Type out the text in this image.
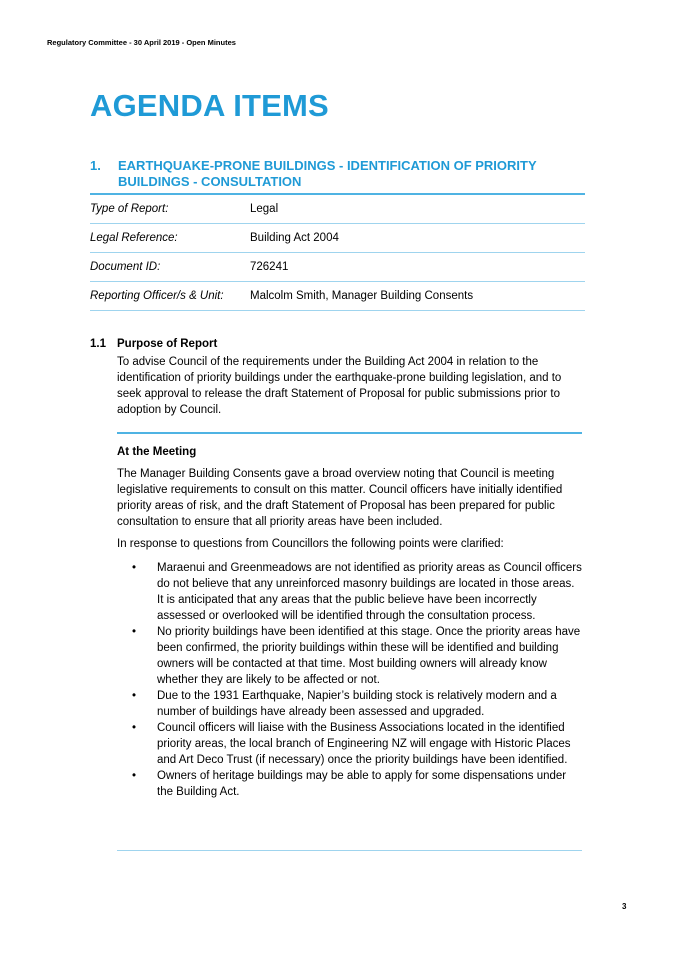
Regulatory Committee - 30 April 2019 - Open Minutes
AGENDA ITEMS
1. EARTHQUAKE-PRONE BUILDINGS - IDENTIFICATION OF PRIORITY BUILDINGS - CONSULTATION
Type of Report:	Legal
Legal Reference:	Building Act 2004
Document ID:	726241
Reporting Officer/s & Unit: Malcolm Smith, Manager Building Consents
1.1 Purpose of Report
To advise Council of the requirements under the Building Act 2004 in relation to the identification of priority buildings under the earthquake-prone building legislation, and to seek approval to release the draft Statement of Proposal for public submissions prior to adoption by Council.
At the Meeting
The Manager Building Consents gave a broad overview noting that Council is meeting legislative requirements to consult on this matter. Council officers have initially identified priority areas of risk, and the draft Statement of Proposal has been prepared for public consultation to ensure that all priority areas have been included.
In response to questions from Councillors the following points were clarified:
• Maraenui and Greenmeadows are not identified as priority areas as Council officers do not believe that any unreinforced masonry buildings are located in those areas. It is anticipated that any areas that the public believe have been incorrectly assessed or overlooked will be identified through the consultation process.
• No priority buildings have been identified at this stage. Once the priority areas have been confirmed, the priority buildings within these will be identified and building owners will be contacted at that time. Most building owners will already know whether they are likely to be affected or not.
• Due to the 1931 Earthquake, Napier’s building stock is relatively modern and a number of buildings have already been assessed and upgraded.
• Council officers will liaise with the Business Associations located in the identified priority areas, the local branch of Engineering NZ will engage with Historic Places and Art Deco Trust (if necessary) once the priority buildings have been identified.
• Owners of heritage buildings may be able to apply for some dispensations under the Building Act.
3
